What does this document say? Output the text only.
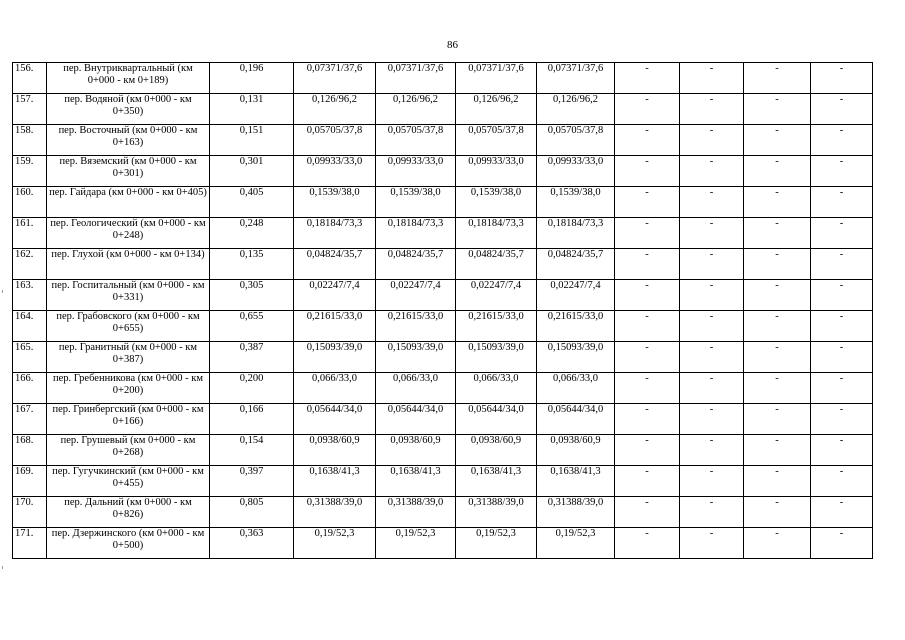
86
156.	пер. Внутриквартальный (км 0+000 - км 0+189)	0,196	0,07371/37,6	0,07371/37,6	0,07371/37,6	0,07371/37,6	-	-	-	-
157.	пер. Водяной (км 0+000 - км 0+350)	0,131	0,126/96,2	0,126/96,2	0,126/96,2	0,126/96,2	-	-	-	-
158.	пер. Восточный (км 0+000 - км 0+163)	0,151	0,05705/37,8	0,05705/37,8	0,05705/37,8	0,05705/37,8	-	-	-	-
159.	пер. Вяземский (км 0+000 - км 0+301)	0,301	0,09933/33,0	0,09933/33,0	0,09933/33,0	0,09933/33,0	-	-	-	-
160.	пер. Гайдара (км 0+000 - км 0+405)	0,405	0,1539/38,0	0,1539/38,0	0,1539/38,0	0,1539/38,0	-	-	-	-
161.	пер. Геологический (км 0+000 - км 0+248)	0,248	0,18184/73,3	0,18184/73,3	0,18184/73,3	0,18184/73,3	-	-	-	-
162.	пер. Глухой (км 0+000 - км 0+134)	0,135	0,04824/35,7	0,04824/35,7	0,04824/35,7	0,04824/35,7	-	-	-	-
163.	пер. Госпитальный (км 0+000 - км 0+331)	0,305	0,02247/7,4	0,02247/7,4	0,02247/7,4	0,02247/7,4	-	-	-	-
164.	пер. Грабовского (км 0+000 - км 0+655)	0,655	0,21615/33,0	0,21615/33,0	0,21615/33,0	0,21615/33,0	-	-	-	-
165.	пер. Гранитный (км 0+000 - км 0+387)	0,387	0,15093/39,0	0,15093/39,0	0,15093/39,0	0,15093/39,0	-	-	-	-
166.	пер. Гребенникова (км 0+000 - км 0+200)	0,200	0,066/33,0	0,066/33,0	0,066/33,0	0,066/33,0	-	-	-	-
167.	пер. Гринбергский (км 0+000 - км 0+166)	0,166	0,05644/34,0	0,05644/34,0	0,05644/34,0	0,05644/34,0	-	-	-	-
168.	пер. Грушевый (км 0+000 - км 0+268)	0,154	0,0938/60,9	0,0938/60,9	0,0938/60,9	0,0938/60,9	-	-	-	-
169.	пер. Гугучкинский (км 0+000 - км 0+455)	0,397	0,1638/41,3	0,1638/41,3	0,1638/41,3	0,1638/41,3	-	-	-	-
170.	пер. Дальний (км 0+000 - км 0+826)	0,805	0,31388/39,0	0,31388/39,0	0,31388/39,0	0,31388/39,0	-	-	-	-
171.	пер. Дзержинского (км 0+000 - км 0+500)	0,363	0,19/52,3	0,19/52,3	0,19/52,3	0,19/52,3	-	-	-	-
